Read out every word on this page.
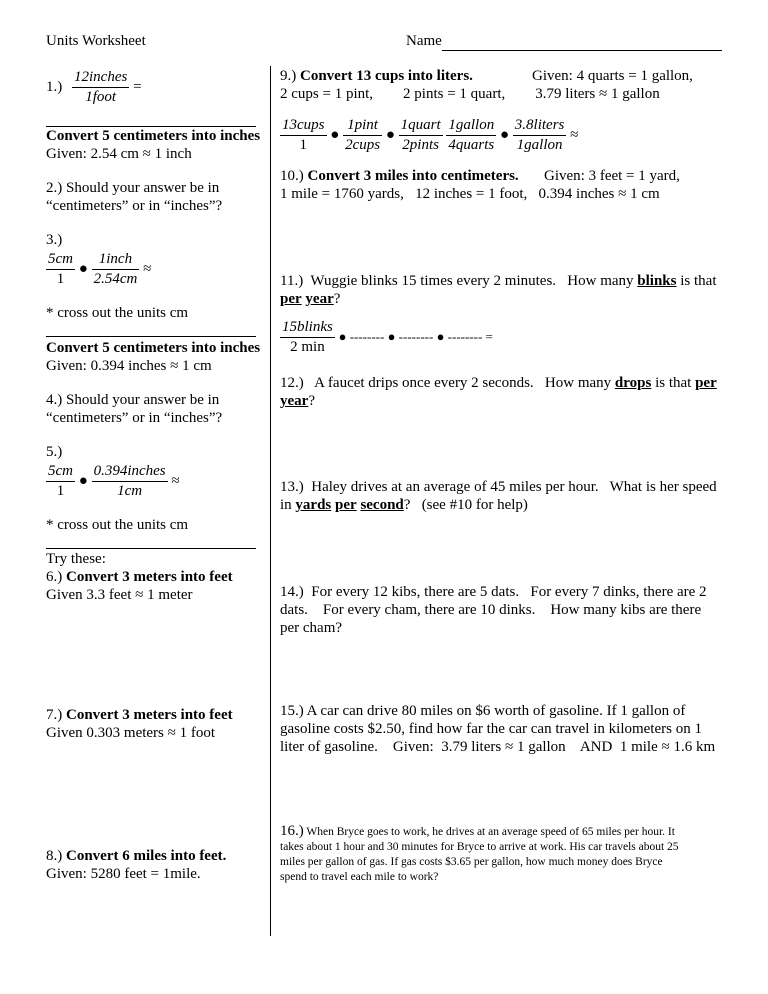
Units Worksheet	Name
$1.) \frac{\text{12inches}}{\text{1foot}}$ =
Convert 5 centimeters into inches
Given: 2.54 cm ≈ 1 inch
2.) Should your answer be in
“centimeters” or in “inches”?
3.)
$\frac{5cm}{1}$ ● $\frac{\text{1inch}}{2.54cm}$ ≈
* cross out the units cm
Convert 5 centimeters into inches
Given: 0.394 inches ≈ 1 cm
4.) Should your answer be in
“centimeters” or in “inches”?
5.)
$\frac{5cm}{1}$ ● $\frac{\text{0.394inches}}{1cm}$ ≈
* cross out the units cm
Try these:
6.) Convert 3 meters into feet
Given 3.3 feet ≈ 1 meter
7.) Convert 3 meters into feet
Given 0.303 meters ≈ 1 foot
8.) Convert 6 miles into feet.
Given: 5280 feet = 1mile.
9.) Convert 13 cups into liters.	Given: 4 quarts = 1 gallon,
2 cups = 1 pint,        2 pints = 1 quart,        3.79 liters ≈ 1 gallon
$\frac{\text{13cups}}{1}$ ● $\frac{\text{1pint}}{\text{2cups}}$ ● $\frac{\text{1quart}}{\text{2pints}}$
$\frac{\text{1gallon}}{\text{4quarts}}$ ● $\frac{\text{3.8liters}}{\text{1gallon}}$ ≈
10.) Convert 3 miles into centimeters. Given: 3 feet = 1 yard,
1 mile = 1760 yards,   12 inches = 1 foot,   0.394 inches ≈ 1 cm
11.)  Wuggie blinks 15 times every 2 minutes.   How many blinks is that
per year?
$\frac{\text{15blinks}}{2 \min}$ ● -------- ● -------- ● -------- =
12.)   A faucet drips once every 2 seconds.   How many drops is that per
year?
13.)  Haley drives at an average of 45 miles per hour.   What is her speed
in yards per second?   (see #10 for help)
14.)  For every 12 kibs, there are 5 dats.   For every 7 dinks, there are 2
dats.    For every cham, there are 10 dinks.    How many kibs are there
per cham?
15.) A car can drive 80 miles on $6 worth of gasoline. If 1 gallon of
gasoline costs $2.50, find how far the car can travel in kilometers on 1
liter of gasoline.    Given:  3.79 liters ≈ 1 gallon    AND  1 mile ≈ 1.6 km
16.) When Bryce goes to work, he drives at an average speed of 65 miles per hour. It
takes about 1 hour and 30 minutes for Bryce to arrive at work. His car travels about 25
miles per gallon of gas. If gas costs $3.65 per gallon, how much money does Bryce
spend to travel each mile to work?
